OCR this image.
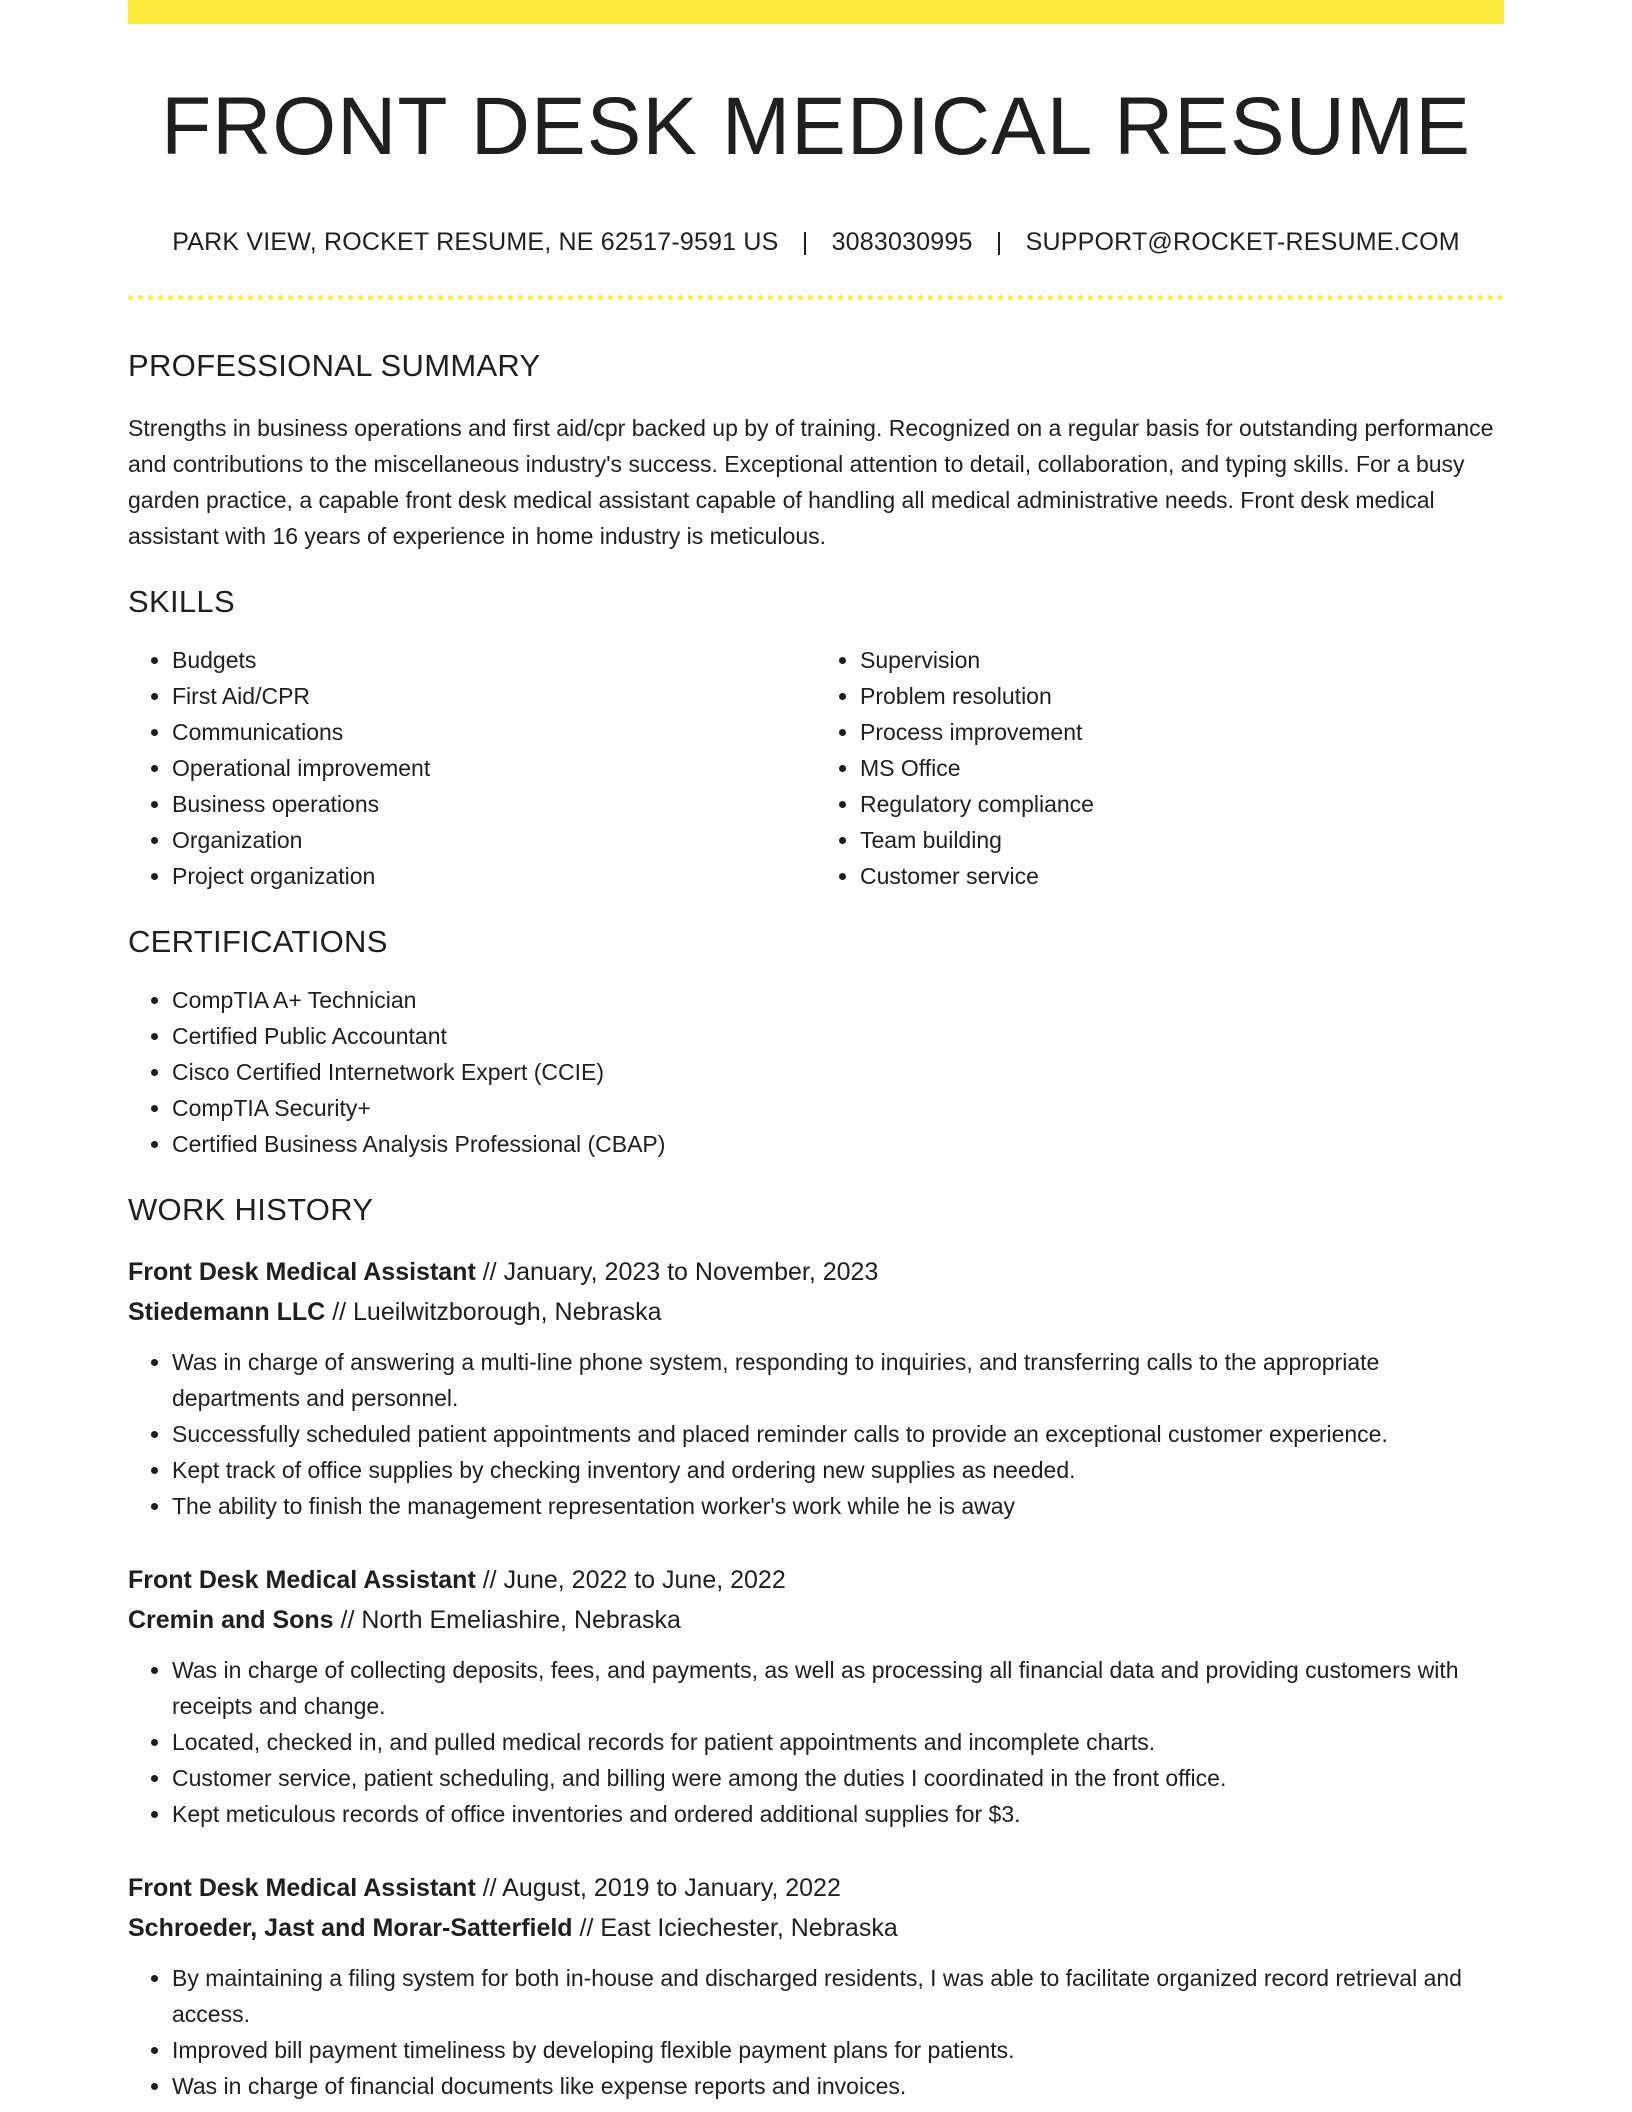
FRONT DESK MEDICAL RESUME
PARK VIEW, ROCKET RESUME, NE 62517-9591 US | 3083030995 | SUPPORT@ROCKET-RESUME.COM
PROFESSIONAL SUMMARY
Strengths in business operations and first aid/cpr backed up by of training. Recognized on a regular basis for outstanding performance and contributions to the miscellaneous industry's success. Exceptional attention to detail, collaboration, and typing skills. For a busy garden practice, a capable front desk medical assistant capable of handling all medical administrative needs. Front desk medical assistant with 16 years of experience in home industry is meticulous.
SKILLS
• Budgets
• First Aid/CPR
• Communications
• Operational improvement
• Business operations
• Organization
• Project organization
• Supervision
• Problem resolution
• Process improvement
• MS Office
• Regulatory compliance
• Team building
• Customer service
CERTIFICATIONS
• CompTIA A+ Technician
• Certified Public Accountant
• Cisco Certified Internetwork Expert (CCIE)
• CompTIA Security+
• Certified Business Analysis Professional (CBAP)
WORK HISTORY
Front Desk Medical Assistant // January, 2023 to November, 2023
Stiedemann LLC // Lueilwitzborough, Nebraska
• Was in charge of answering a multi-line phone system, responding to inquiries, and transferring calls to the appropriate departments and personnel.
• Successfully scheduled patient appointments and placed reminder calls to provide an exceptional customer experience.
• Kept track of office supplies by checking inventory and ordering new supplies as needed.
• The ability to finish the management representation worker's work while he is away
Front Desk Medical Assistant // June, 2022 to June, 2022
Cremin and Sons // North Emeliashire, Nebraska
• Was in charge of collecting deposits, fees, and payments, as well as processing all financial data and providing customers with receipts and change.
• Located, checked in, and pulled medical records for patient appointments and incomplete charts.
• Customer service, patient scheduling, and billing were among the duties I coordinated in the front office.
• Kept meticulous records of office inventories and ordered additional supplies for $3.
Front Desk Medical Assistant // August, 2019 to January, 2022
Schroeder, Jast and Morar-Satterfield // East Iciechester, Nebraska
• By maintaining a filing system for both in-house and discharged residents, I was able to facilitate organized record retrieval and access.
• Improved bill payment timeliness by developing flexible payment plans for patients.
• Was in charge of financial documents like expense reports and invoices.
